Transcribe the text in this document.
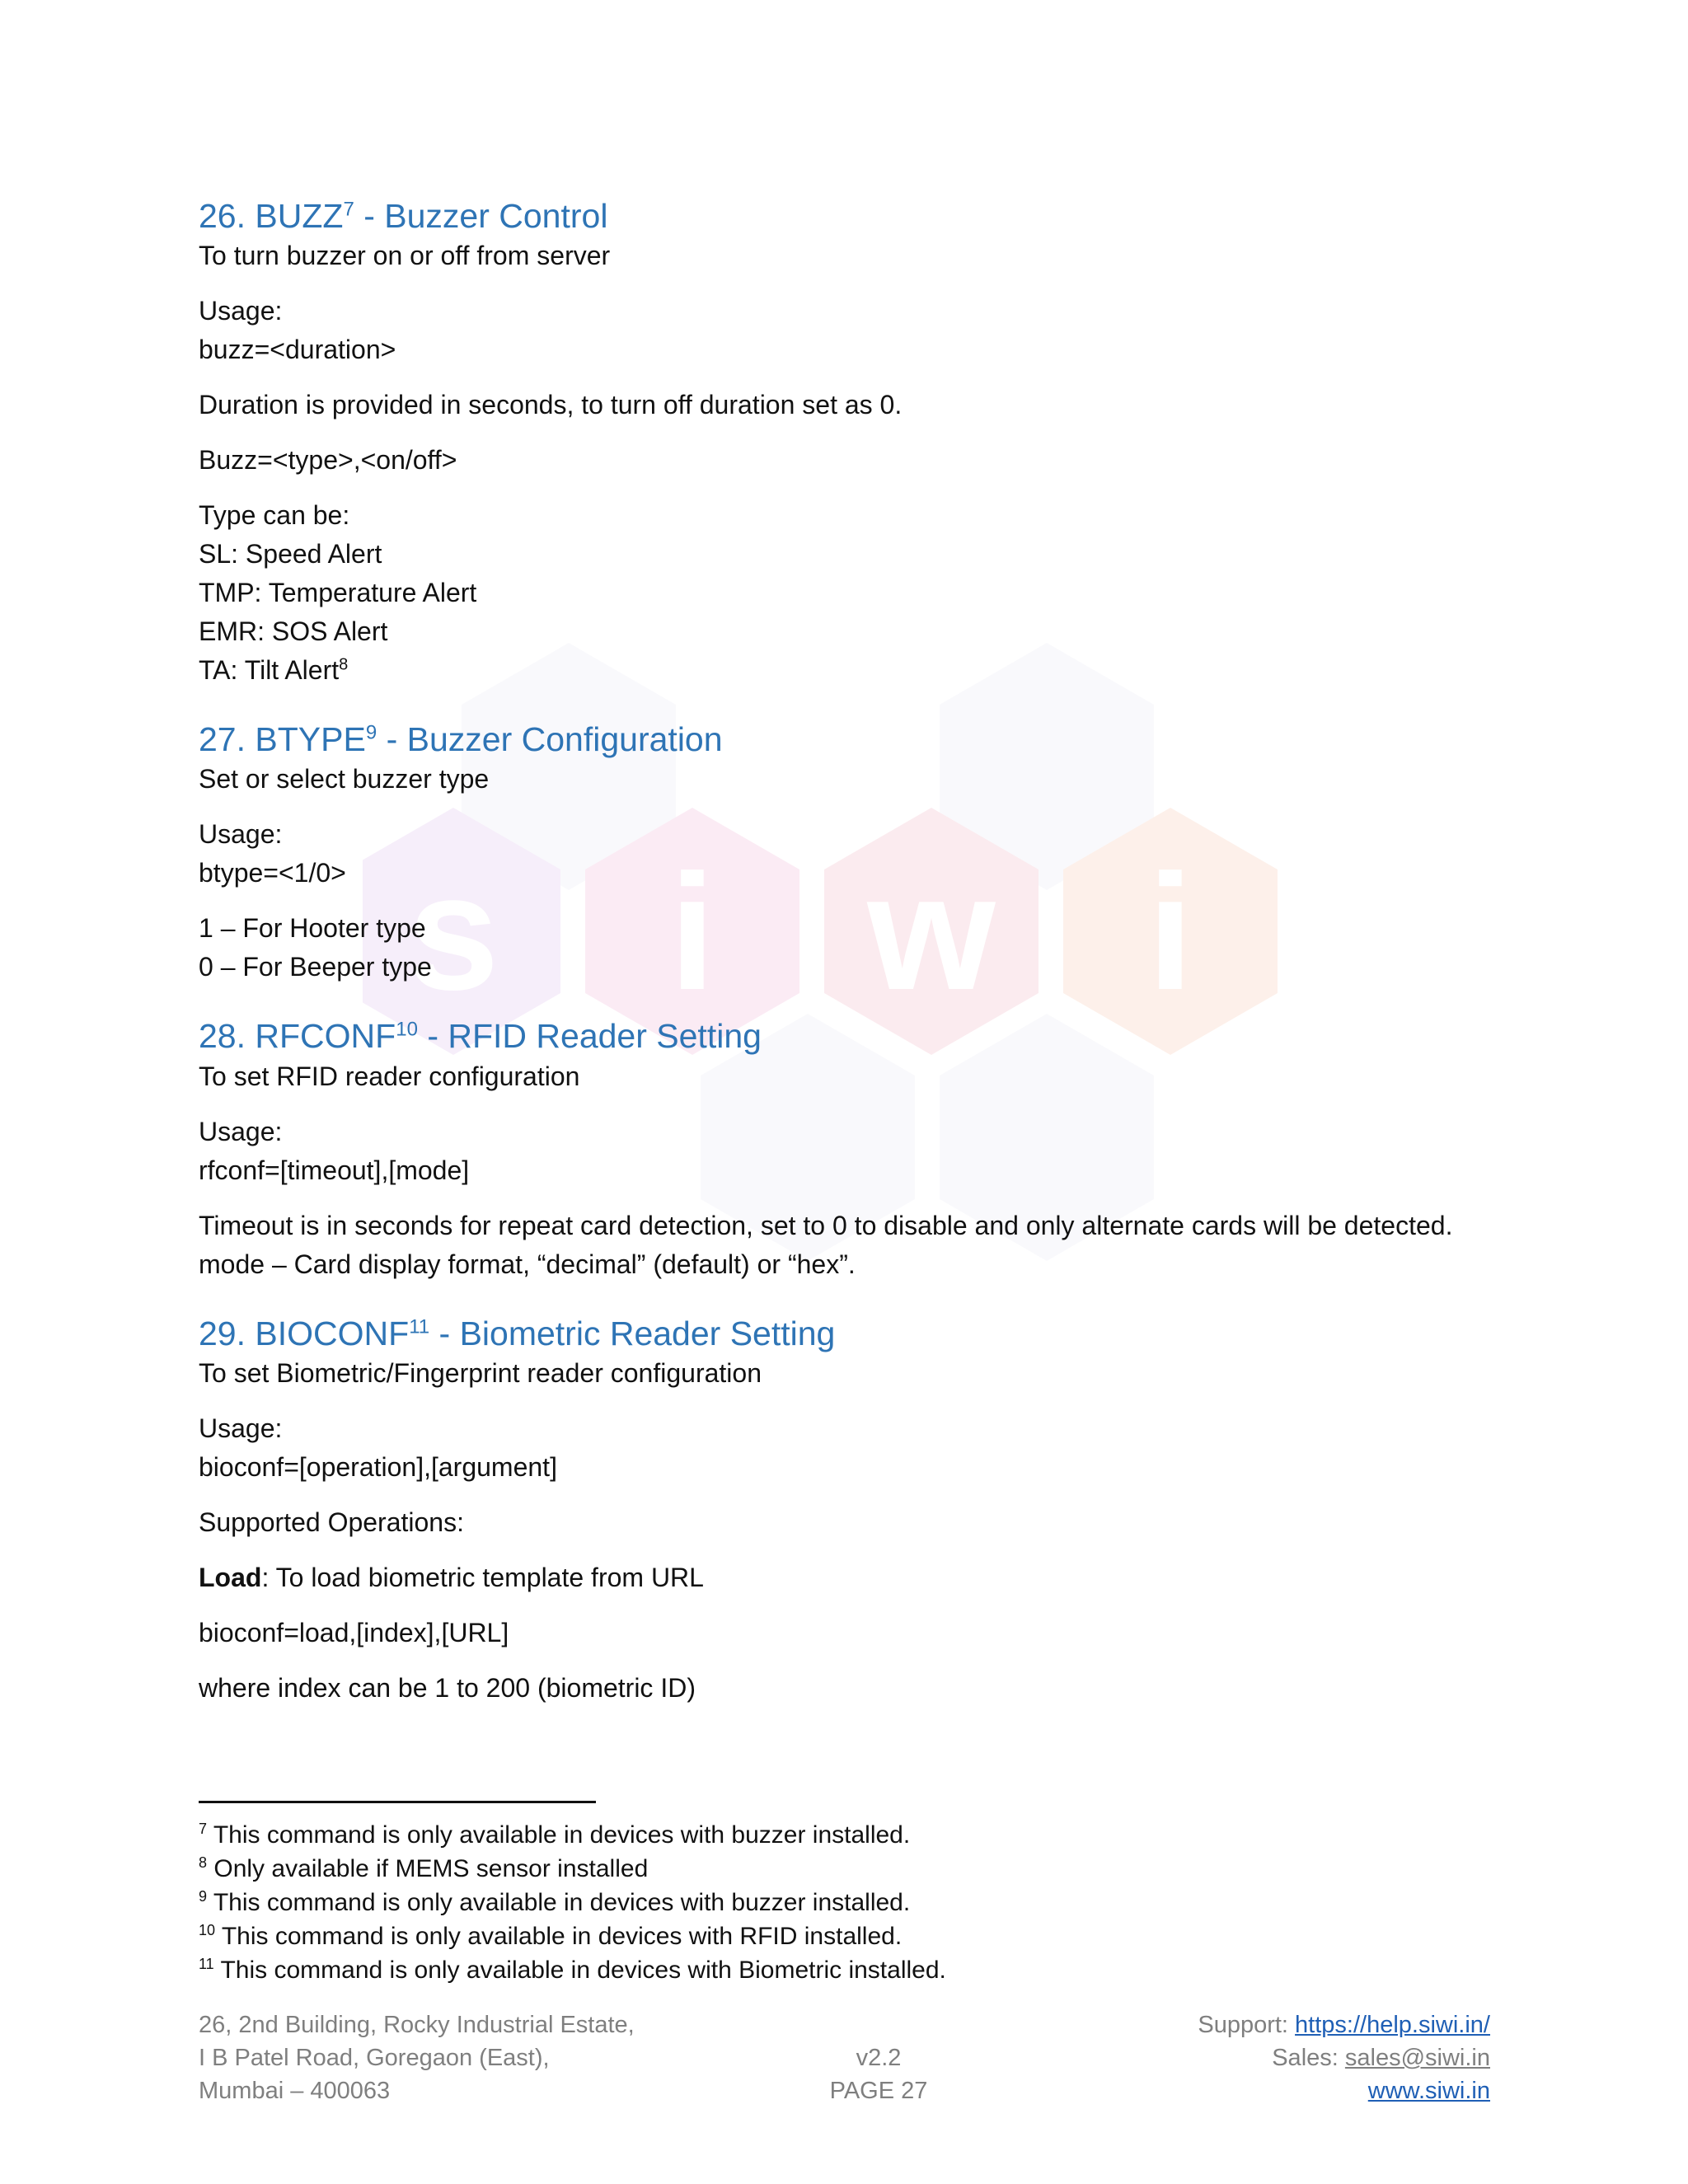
s i w i
26. BUZZ$^7$ - Buzzer Control

To turn buzzer on or off from server

Usage:

buzz=<duration>

Duration is provided in seconds, to turn off duration set as 0.

Buzz=<type>,<on/off>

Type can be:

SL: Speed Alert

TMP: Temperature Alert

EMR: SOS Alert

TA: Tilt Alert$^8$

27. BTYPE$^9$ - Buzzer Configuration

Set or select buzzer type

Usage:

btype=<1/0>

1 – For Hooter type

0 – For Beeper type

28. RFCONF$^{10}$ - RFID Reader Setting

To set RFID reader configuration

Usage:

rfconf=[timeout],[mode]

Timeout is in seconds for repeat card detection, set to 0 to disable and only alternate cards will be detected.

mode – Card display format, “decimal” (default) or “hex”.

29. BIOCONF$^{11}$ - Biometric Reader Setting

To set Biometric/Fingerprint reader configuration

Usage:

bioconf=[operation],[argument]

Supported Operations:

Load: To load biometric template from URL

bioconf=load,[index],[URL]

where index can be 1 to 200 (biometric ID)

$^7$ This command is only available in devices with buzzer installed.

$^8$ Only available if MEMS sensor installed

$^9$ This command is only available in devices with buzzer installed.

$^{10}$ This command is only available in devices with RFID installed.

$^{11}$ This command is only available in devices with Biometric installed.

26, 2nd Building, Rocky Industrial Estate,
I B Patel Road, Goregaon (East),
Mumbai – 400063
v2.2
PAGE 27
Support: https://help.siwi.in/
Sales: sales@siwi.in
www.siwi.in
